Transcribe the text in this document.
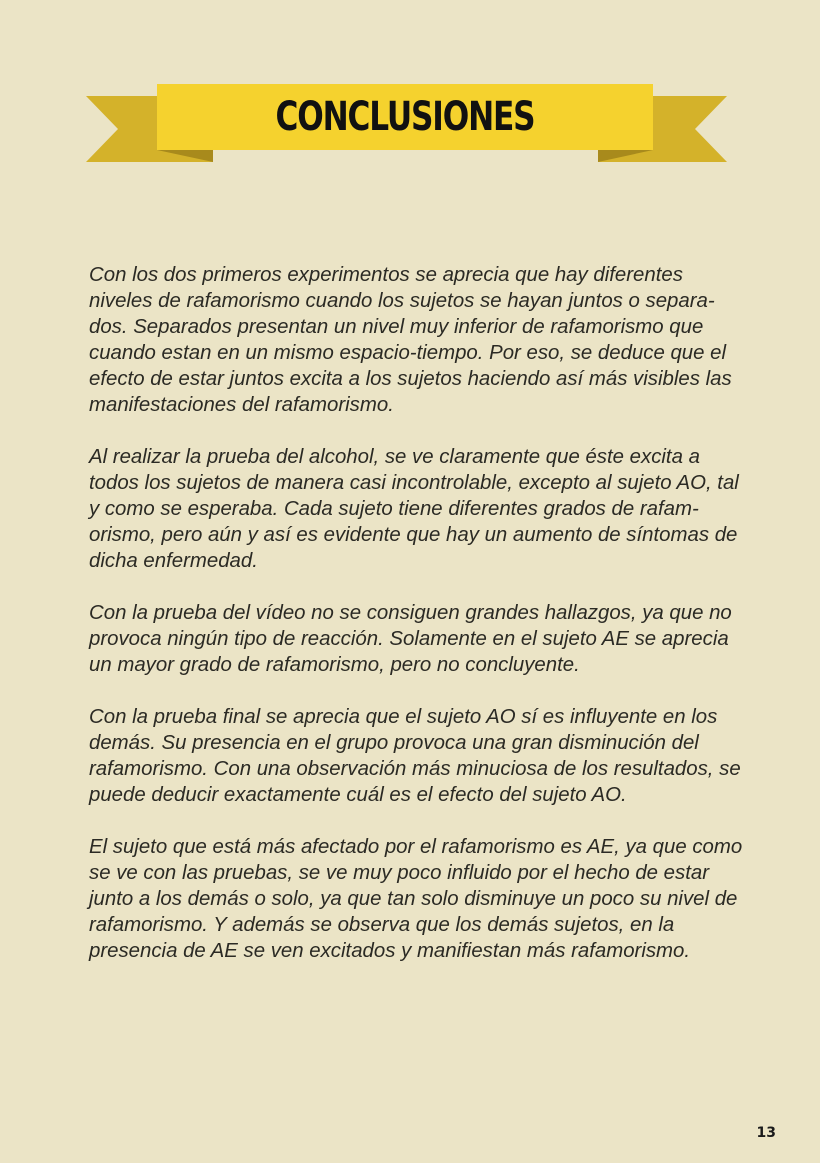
CONCLUSIONES

Con los dos primeros experimentos se aprecia que hay diferentes niveles de rafamorismo cuando los sujetos se hayan juntos o separa-dos. Separados presentan un nivel muy inferior de rafamorismo que cuando estan en un mismo espacio-tiempo. Por eso, se deduce que el efecto de estar juntos excita a los sujetos haciendo así más visibles las manifestaciones del rafamorismo.

Al realizar la prueba del alcohol, se ve claramente que éste excita a todos los sujetos de manera casi incontrolable, excepto al sujeto AO, tal y como se esperaba. Cada sujeto tiene diferentes grados de rafam-orismo, pero aún y así es evidente que hay un aumento de síntomas de dicha enfermedad.

Con la prueba del vídeo no se consiguen grandes hallazgos, ya que no provoca ningún tipo de reacción. Solamente en el sujeto AE se aprecia un mayor grado de rafamorismo, pero no concluyente.

Con la prueba final se aprecia que el sujeto AO sí es influyente en los demás. Su presencia en el grupo provoca una gran disminución del rafamorismo. Con una observación más minuciosa de los resultados, se puede deducir exactamente cuál es el efecto del sujeto AO.

El sujeto que está más afectado por el rafamorismo es AE, ya que como se ve con las pruebas, se ve muy poco influido por el hecho de estar junto a los demás o solo, ya que tan solo disminuye un poco su nivel de rafamorismo. Y además se observa que los demás sujetos, en la presencia de AE se ven excitados y manifiestan más rafamorismo.

13
